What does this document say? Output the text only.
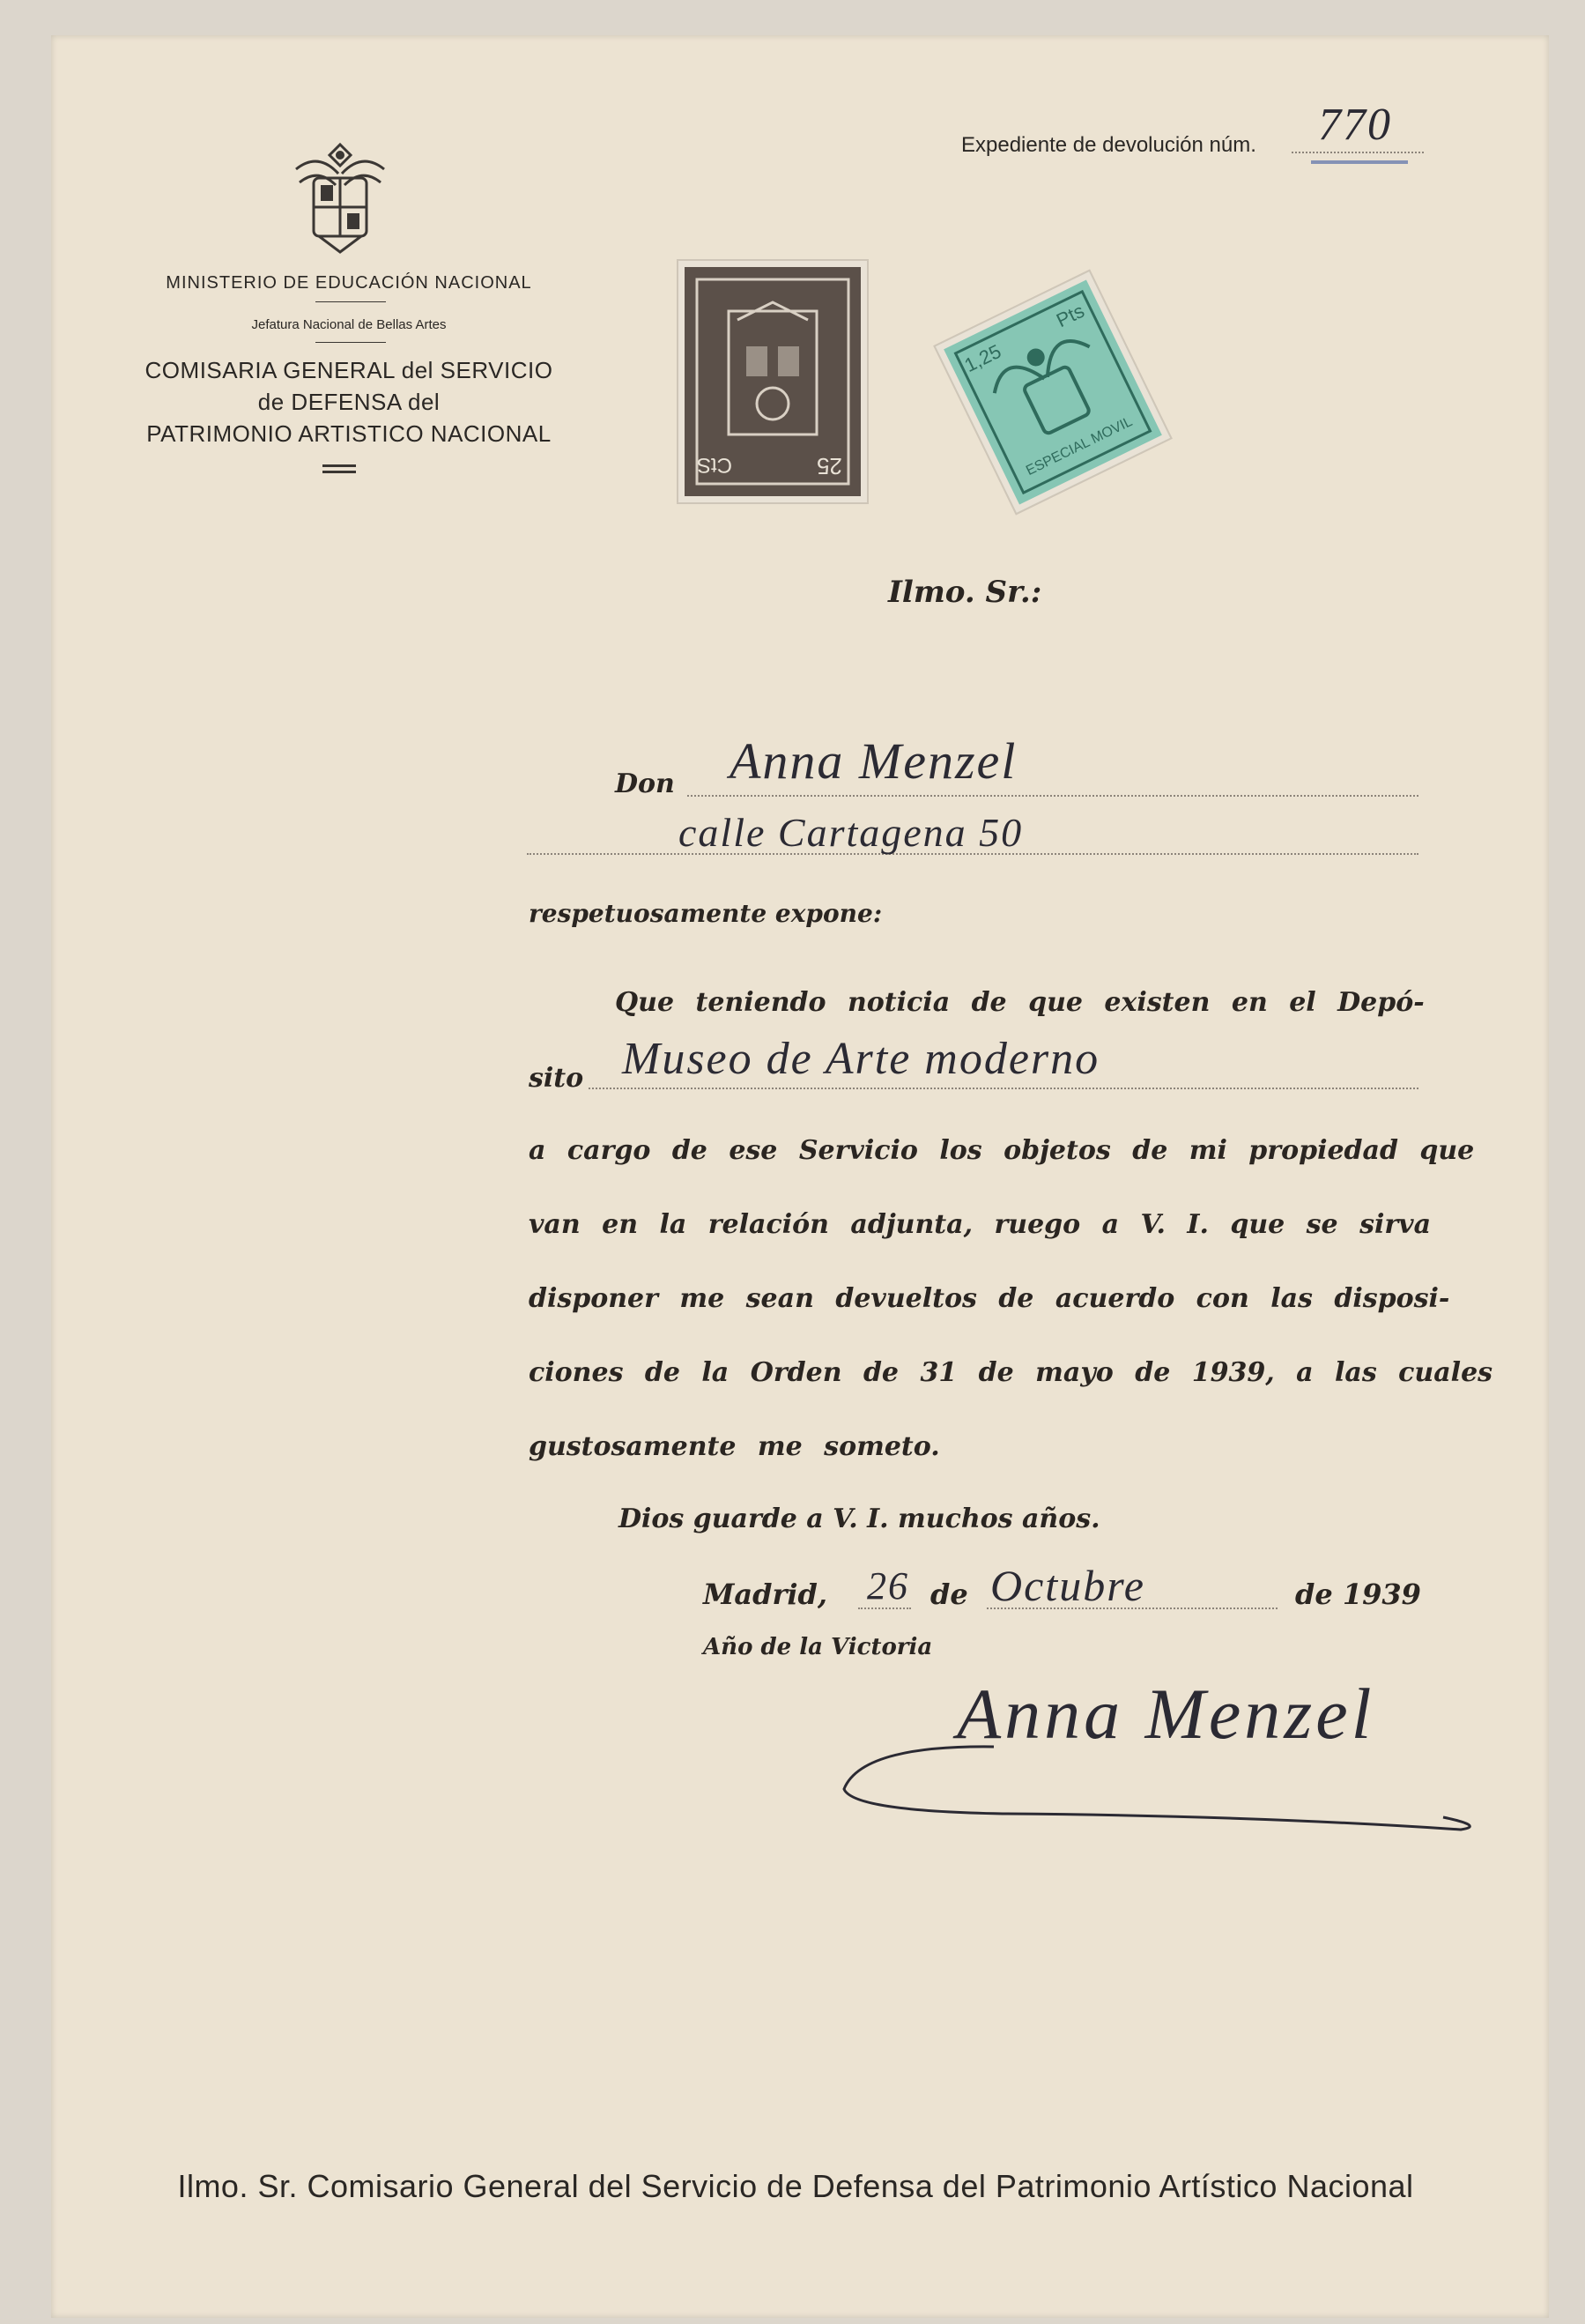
Expediente de devolución núm. 770
MINISTERIO DE EDUCACIÓN NACIONAL
Jefatura Nacional de Bellas Artes
COMISARIA GENERAL del SERVICIO
de DEFENSA del
PATRIMONIO ARTISTICO NACIONAL
25
CtS
1,25
Pts
ESPECIAL MOVIL
Ilmo. Sr.:
Don Anna Menzel
calle Cartagena 50
respetuosamente expone:
Que teniendo noticia de que existen en el Depó-
sito Museo de Arte moderno
a cargo de ese Servicio los objetos de mi propiedad que
van en la relación adjunta, ruego a V. I. que se sirva
disponer me sean devueltos de acuerdo con las disposi-
ciones de la Orden de 31 de mayo de 1939, a las cuales
gustosamente me someto.
Dios guarde a V. I. muchos años.
Madrid, 26 de Octubre	de 1939
Año de la Victoria
Anna Menzel
Ilmo. Sr. Comisario General del Servicio de Defensa del Patrimonio Artístico Nacional
